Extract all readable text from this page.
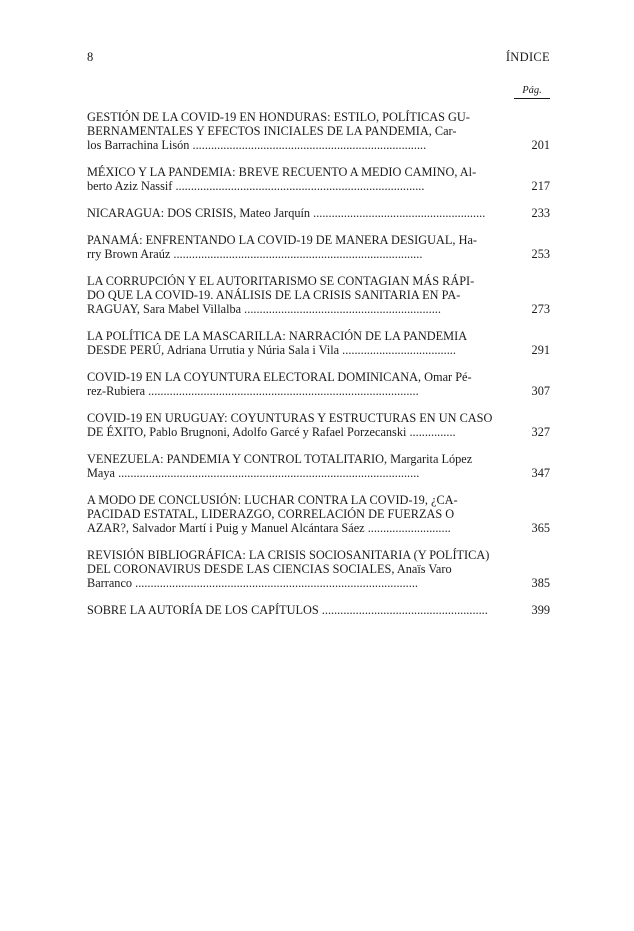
8	ÍNDICE
Pág.
GESTIÓN DE LA COVID-19 EN HONDURAS: ESTILO, POLÍTICAS GU-
BERNAMENTALES Y EFECTOS INICIALES DE LA PANDEMIA, Car-
los Barrachina Lisón ............................................................................	201
MÉXICO Y LA PANDEMIA: BREVE RECUENTO A MEDIO CAMINO, Al-
berto Aziz Nassif .................................................................................	217
NICARAGUA: DOS CRISIS, Mateo Jarquín ........................................................	233
PANAMÁ: ENFRENTANDO LA COVID-19 DE MANERA DESIGUAL, Ha-
rry Brown Araúz .................................................................................	253
LA CORRUPCIÓN Y EL AUTORITARISMO SE CONTAGIAN MÁS RÁPI-
DO QUE LA COVID-19. ANÁLISIS DE LA CRISIS SANITARIA EN PA-
RAGUAY, Sara Mabel Villalba ................................................................	273
LA POLÍTICA DE LA MASCARILLA: NARRACIÓN DE LA PANDEMIA
DESDE PERÚ, Adriana Urrutia y Núria Sala i Vila .....................................	291
COVID-19 EN LA COYUNTURA ELECTORAL DOMINICANA, Omar Pé-
rez-Rubiera ........................................................................................	307
COVID-19 EN URUGUAY: COYUNTURAS Y ESTRUCTURAS EN UN CASO
DE ÉXITO, Pablo Brugnoni, Adolfo Garcé y Rafael Porzecanski ...............	327
VENEZUELA: PANDEMIA Y CONTROL TOTALITARIO, Margarita López
Maya ..................................................................................................	347
A MODO DE CONCLUSIÓN: LUCHAR CONTRA LA COVID-19, ¿CA-
PACIDAD ESTATAL, LIDERAZGO, CORRELACIÓN DE FUERZAS O
AZAR?, Salvador Martí i Puig y Manuel Alcántara Sáez ...........................	365
REVISIÓN BIBLIOGRÁFICA: LA CRISIS SOCIOSANITARIA (Y POLÍTICA)
DEL CORONAVIRUS DESDE LAS CIENCIAS SOCIALES, Anaïs Varo
Barranco ............................................................................................	385
SOBRE LA AUTORÍA DE LOS CAPÍTULOS ......................................................	399
